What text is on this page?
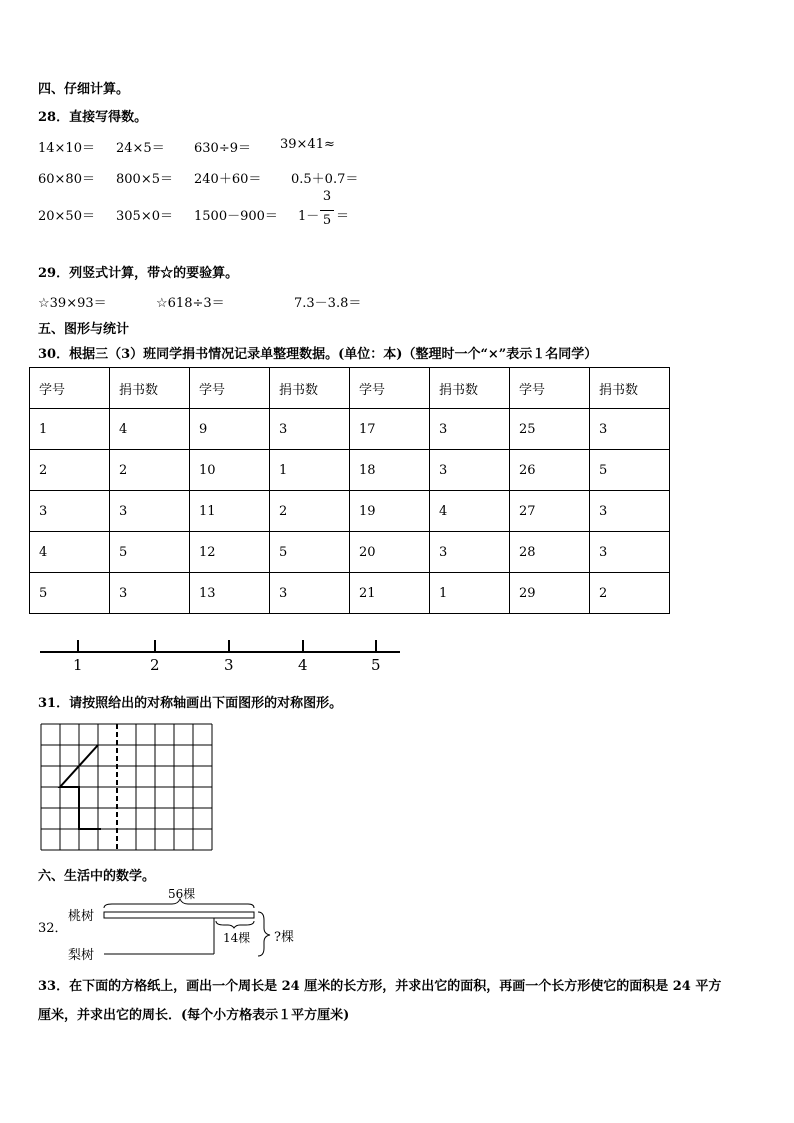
四、仔细计算。
28．直接写得数。
14×10＝ 24×5＝ 630÷9＝ 39×41≈
60×80＝ 800×5＝ 240＋60＝ 0.5＋0.7＝
20×50＝ 305×0＝ 1500－900＝ 1－
3
5 ＝
29．列竖式计算，带☆的要验算。
☆39×93＝	☆618÷3＝	7.3－3.8＝
五、图形与统计
30．根据三（3）班同学捐书情况记录单整理数据。(单位：本)（整理时一个“×”表示１名同学）
学号	捐书数	学号	捐书数	学号	捐书数	学号	捐书数
1	4	9	3	17	3	25	3
2	2	10	1	18	3	26	5
3	3	11	2	19	4	27	3
4	5	12	5	20	3	28	3
5	3	13	3	21	1	29	2
1	2	3	4	5
31．请按照给出的对称轴画出下面图形的对称图形。
六、生活中的数学。
32．
桃树
梨树
56棵
14棵 ?棵
33．在下面的方格纸上，画出一个周长是 24 厘米的长方形，并求出它的面积，再画一个长方形使它的面积是 24 平方
厘米，并求出它的周长．(每个小方格表示１平方厘米)
